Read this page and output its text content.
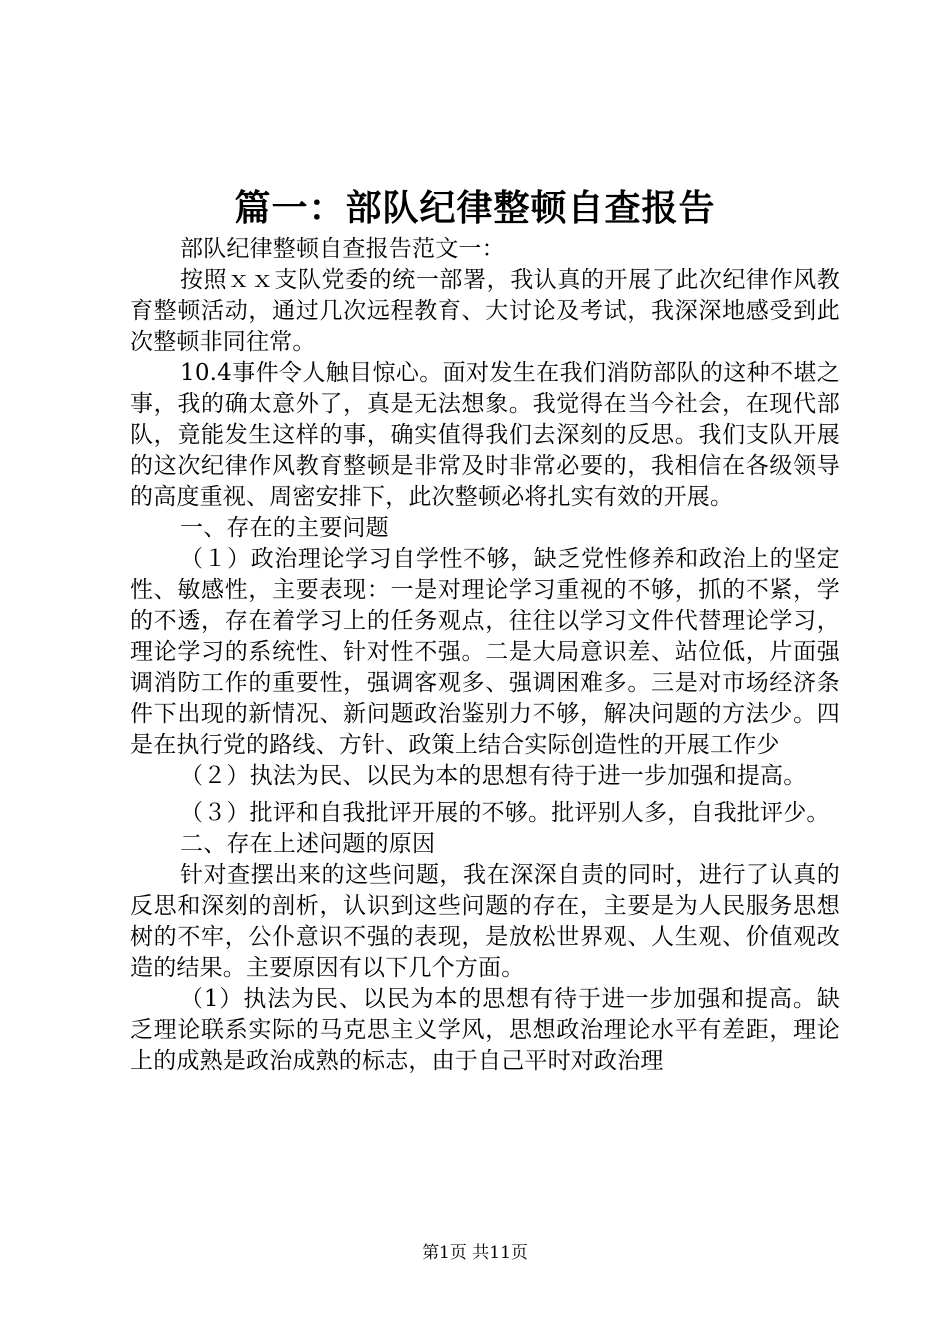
篇一：部队纪律整顿自查报告

部队纪律整顿自查报告范文一：

按照ｘｘ支队党委的统一部署，我认真的开展了此次纪律作风教育整顿活动，通过几次远程教育、大讨论及考试，我深深地感受到此次整顿非同往常。

10.4事件令人触目惊心。面对发生在我们消防部队的这种不堪之事，我的确太意外了，真是无法想象。我觉得在当今社会，在现代部队，竟能发生这样的事，确实值得我们去深刻的反思。我们支队开展的这次纪律作风教育整顿是非常及时非常必要的，我相信在各级领导的高度重视、周密安排下，此次整顿必将扎实有效的开展。

一、存在的主要问题

（１）政治理论学习自学性不够，缺乏党性修养和政治上的坚定性、敏感性，主要表现：一是对理论学习重视的不够，抓的不紧，学的不透，存在着学习上的任务观点，往往以学习文件代替理论学习，理论学习的系统性、针对性不强。二是大局意识差、站位低，片面强调消防工作的重要性，强调客观多、强调困难多。三是对市场经济条件下出现的新情况、新问题政治鉴别力不够，解决问题的方法少。四是在执行党的路线、方针、政策上结合实际创造性的开展工作少

（２）执法为民、以民为本的思想有待于进一步加强和提高。

（３）批评和自我批评开展的不够。批评别人多，自我批评少。

二、存在上述问题的原因

针对查摆出来的这些问题，我在深深自责的同时，进行了认真的反思和深刻的剖析，认识到这些问题的存在，主要是为人民服务思想树的不牢，公仆意识不强的表现，是放松世界观、人生观、价值观改造的结果。主要原因有以下几个方面。

（1）执法为民、以民为本的思想有待于进一步加强和提高。缺乏理论联系实际的马克思主义学风，思想政治理论水平有差距，理论上的成熟是政治成熟的标志，由于自己平时对政治理

第1页 共11页
